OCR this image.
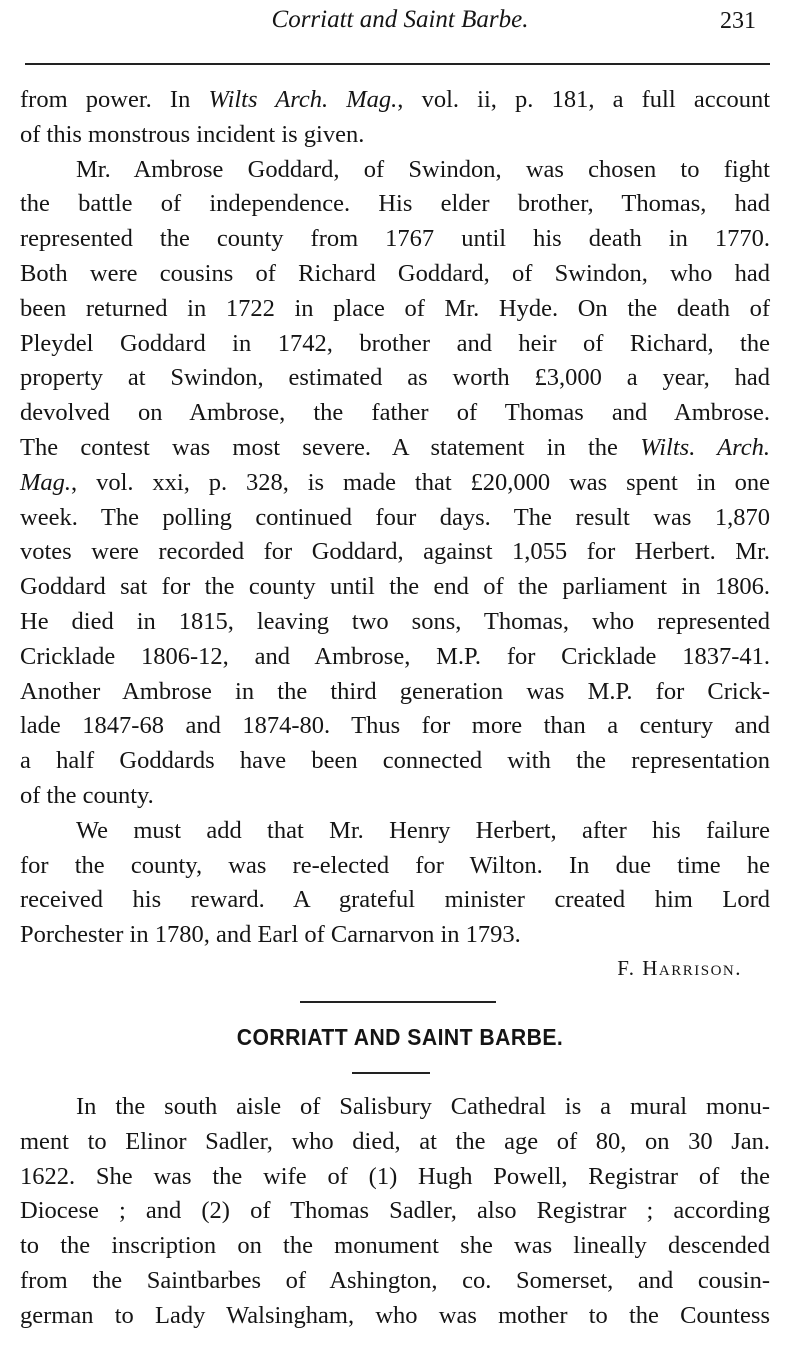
Corriatt and Saint Barbe.	231
from power. In Wilts Arch. Mag., vol. ii, p. 181, a full account
of this monstrous incident is given.
Mr. Ambrose Goddard, of Swindon, was chosen to fight
the battle of independence. His elder brother, Thomas, had
represented the county from 1767 until his death in 1770.
Both were cousins of Richard Goddard, of Swindon, who had
been returned in 1722 in place of Mr. Hyde. On the death of
Pleydel Goddard in 1742, brother and heir of Richard, the
property at Swindon, estimated as worth £3,000 a year, had
devolved on Ambrose, the father of Thomas and Ambrose.
The contest was most severe. A statement in the Wilts. Arch.
Mag., vol. xxi, p. 328, is made that £20,000 was spent in one
week. The polling continued four days. The result was 1,870
votes were recorded for Goddard, against 1,055 for Herbert. Mr.
Goddard sat for the county until the end of the parliament in 1806.
He died in 1815, leaving two sons, Thomas, who represented
Cricklade 1806-12, and Ambrose, M.P. for Cricklade 1837-41.
Another Ambrose in the third generation was M.P. for Crick-
lade 1847-68 and 1874-80. Thus for more than a century and
a half Goddards have been connected with the representation
of the county.
We must add that Mr. Henry Herbert, after his failure
for the county, was re-elected for Wilton. In due time he
received his reward. A grateful minister created him Lord
Porchester in 1780, and Earl of Carnarvon in 1793.
F. Harrison.
CORRIATT AND SAINT BARBE.
In the south aisle of Salisbury Cathedral is a mural monu-
ment to Elinor Sadler, who died, at the age of 80, on 30 Jan.
1622. She was the wife of (1) Hugh Powell, Registrar of the
Diocese ; and (2) of Thomas Sadler, also Registrar ; according
to the inscription on the monument she was lineally descended
from the Saintbarbes of Ashington, co. Somerset, and cousin-
german to Lady Walsingham, who was mother to the Countess
